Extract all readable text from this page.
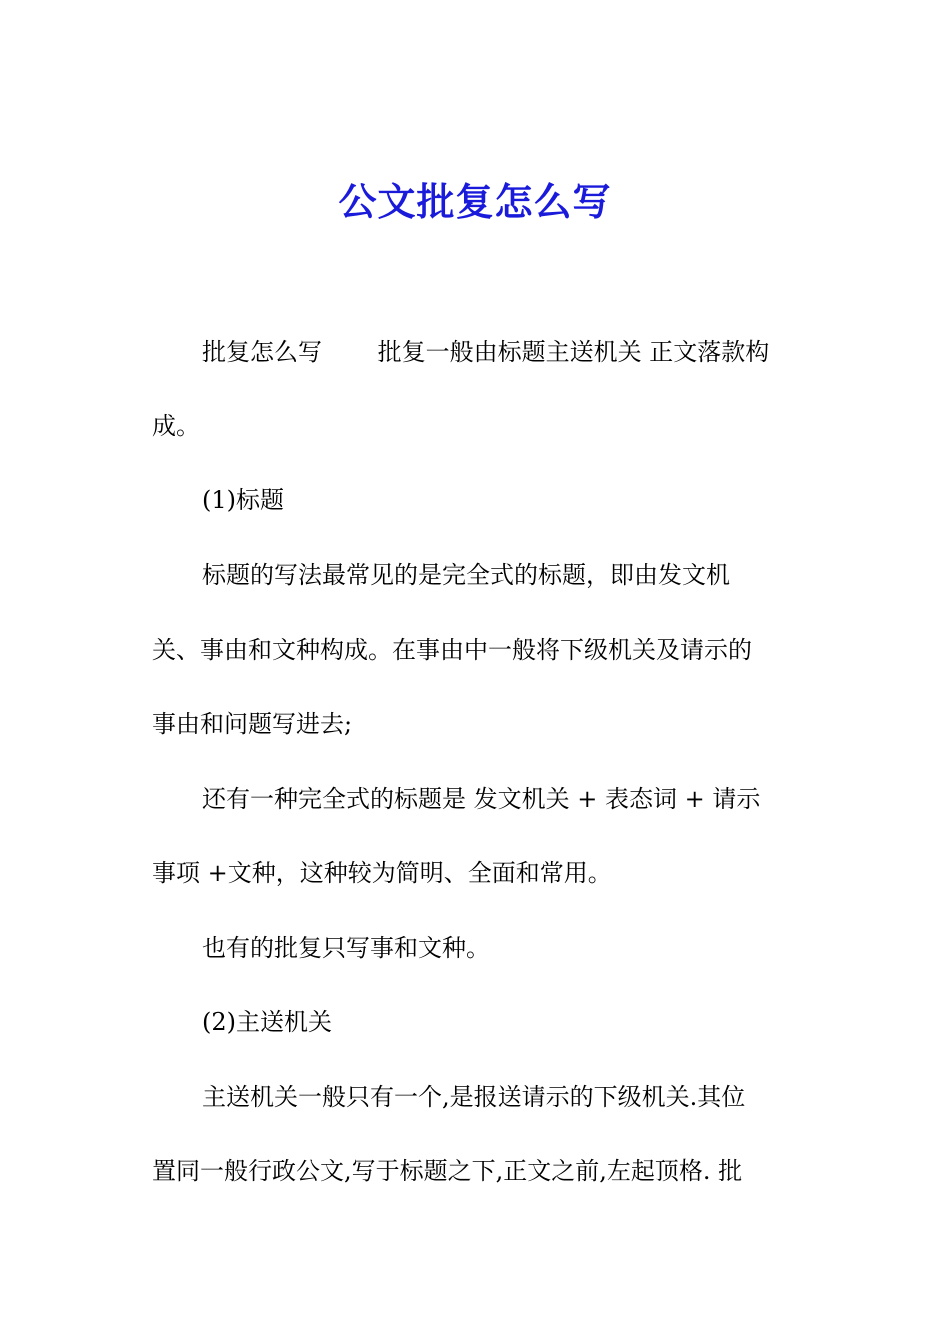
公文批复怎么写
批复怎么写　　 批复一般由标题主送机关 正文落款构
成。
(1)标题
标题的写法最常见的是完全式的标题，即由发文机
关、事由和文种构成。在事由中一般将下级机关及请示的
事由和问题写进去;
还有一种完全式的标题是 发文机关 + 表态词 + 请示
事项 +文种，这种较为简明、全面和常用。
也有的批复只写事和文种。
(2)主送机关
主送机关一般只有一个,是报送请示的下级机关.其位
置同一般行政公文,写于标题之下,正文之前,左起顶格. 批
